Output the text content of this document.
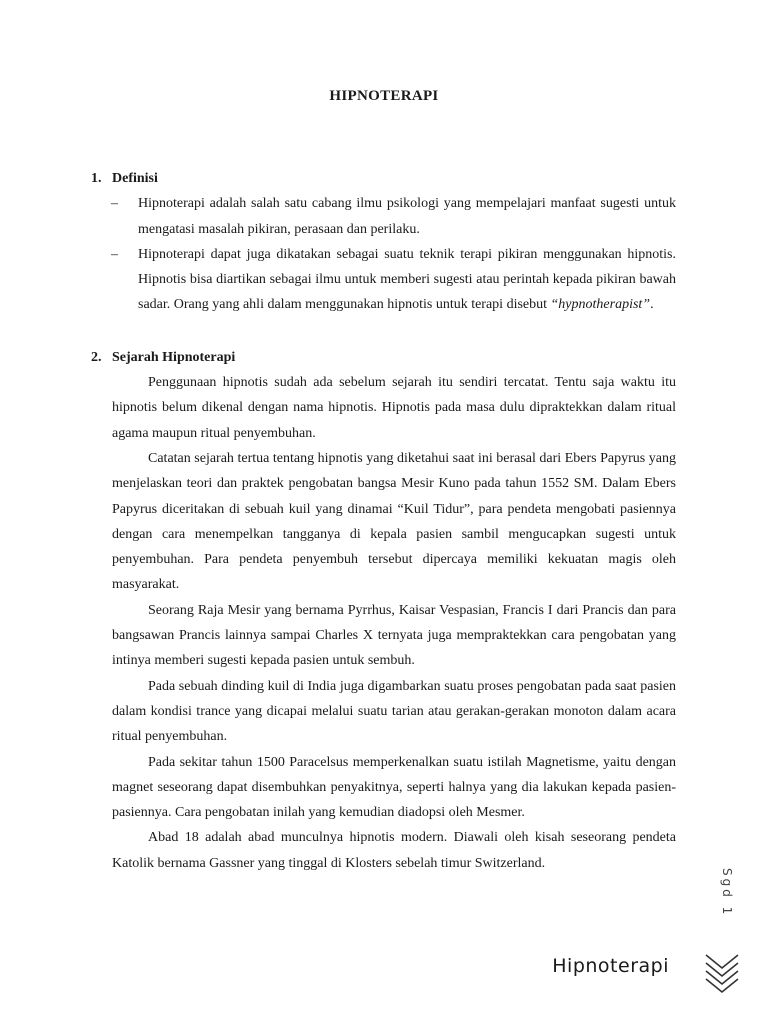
HIPNOTERAPI
1. Definisi
–	Hipnoterapi adalah salah satu cabang ilmu psikologi yang mempelajari manfaat sugesti untuk mengatasi masalah pikiran, perasaan dan perilaku.
–	Hipnoterapi dapat juga dikatakan sebagai suatu teknik terapi pikiran menggunakan hipnotis. Hipnotis bisa diartikan sebagai ilmu untuk memberi sugesti atau perintah kepada pikiran bawah sadar. Orang yang ahli dalam menggunakan hipnotis untuk terapi disebut “hypnotherapist”.
2. Sejarah Hipnoterapi

Penggunaan hipnotis sudah ada sebelum sejarah itu sendiri tercatat. Tentu saja waktu itu hipnotis belum dikenal dengan nama hipnotis. Hipnotis pada masa dulu dipraktekkan dalam ritual agama maupun ritual penyembuhan.

Catatan sejarah tertua tentang hipnotis yang diketahui saat ini berasal dari Ebers Papyrus yang menjelaskan teori dan praktek pengobatan bangsa Mesir Kuno pada tahun 1552 SM. Dalam Ebers Papyrus diceritakan di sebuah kuil yang dinamai “Kuil Tidur”, para pendeta mengobati pasiennya dengan cara menempelkan tangganya di kepala pasien sambil mengucapkan sugesti untuk penyembuhan. Para pendeta penyembuh tersebut dipercaya memiliki kekuatan magis oleh masyarakat.

Seorang Raja Mesir yang bernama Pyrrhus, Kaisar Vespasian, Francis I dari Prancis dan para bangsawan Prancis lainnya sampai Charles X ternyata juga mempraktekkan cara pengobatan yang intinya memberi sugesti kepada pasien untuk sembuh.

Pada sebuah dinding kuil di India juga digambarkan suatu proses pengobatan pada saat pasien dalam kondisi trance yang dicapai melalui suatu tarian atau gerakan-gerakan monoton dalam acara ritual penyembuhan.

Pada sekitar tahun 1500 Paracelsus memperkenalkan suatu istilah Magnetisme, yaitu dengan magnet seseorang dapat disembuhkan penyakitnya, seperti halnya yang dia lakukan kepada pasien-pasiennya. Cara pengobatan inilah yang kemudian diadopsi oleh Mesmer.

Abad 18 adalah abad munculnya hipnotis modern. Diawali oleh kisah seseorang pendeta Katolik bernama Gassner yang tinggal di Klosters sebelah timur Switzerland.

Sgd 1
Hipnoterapi
